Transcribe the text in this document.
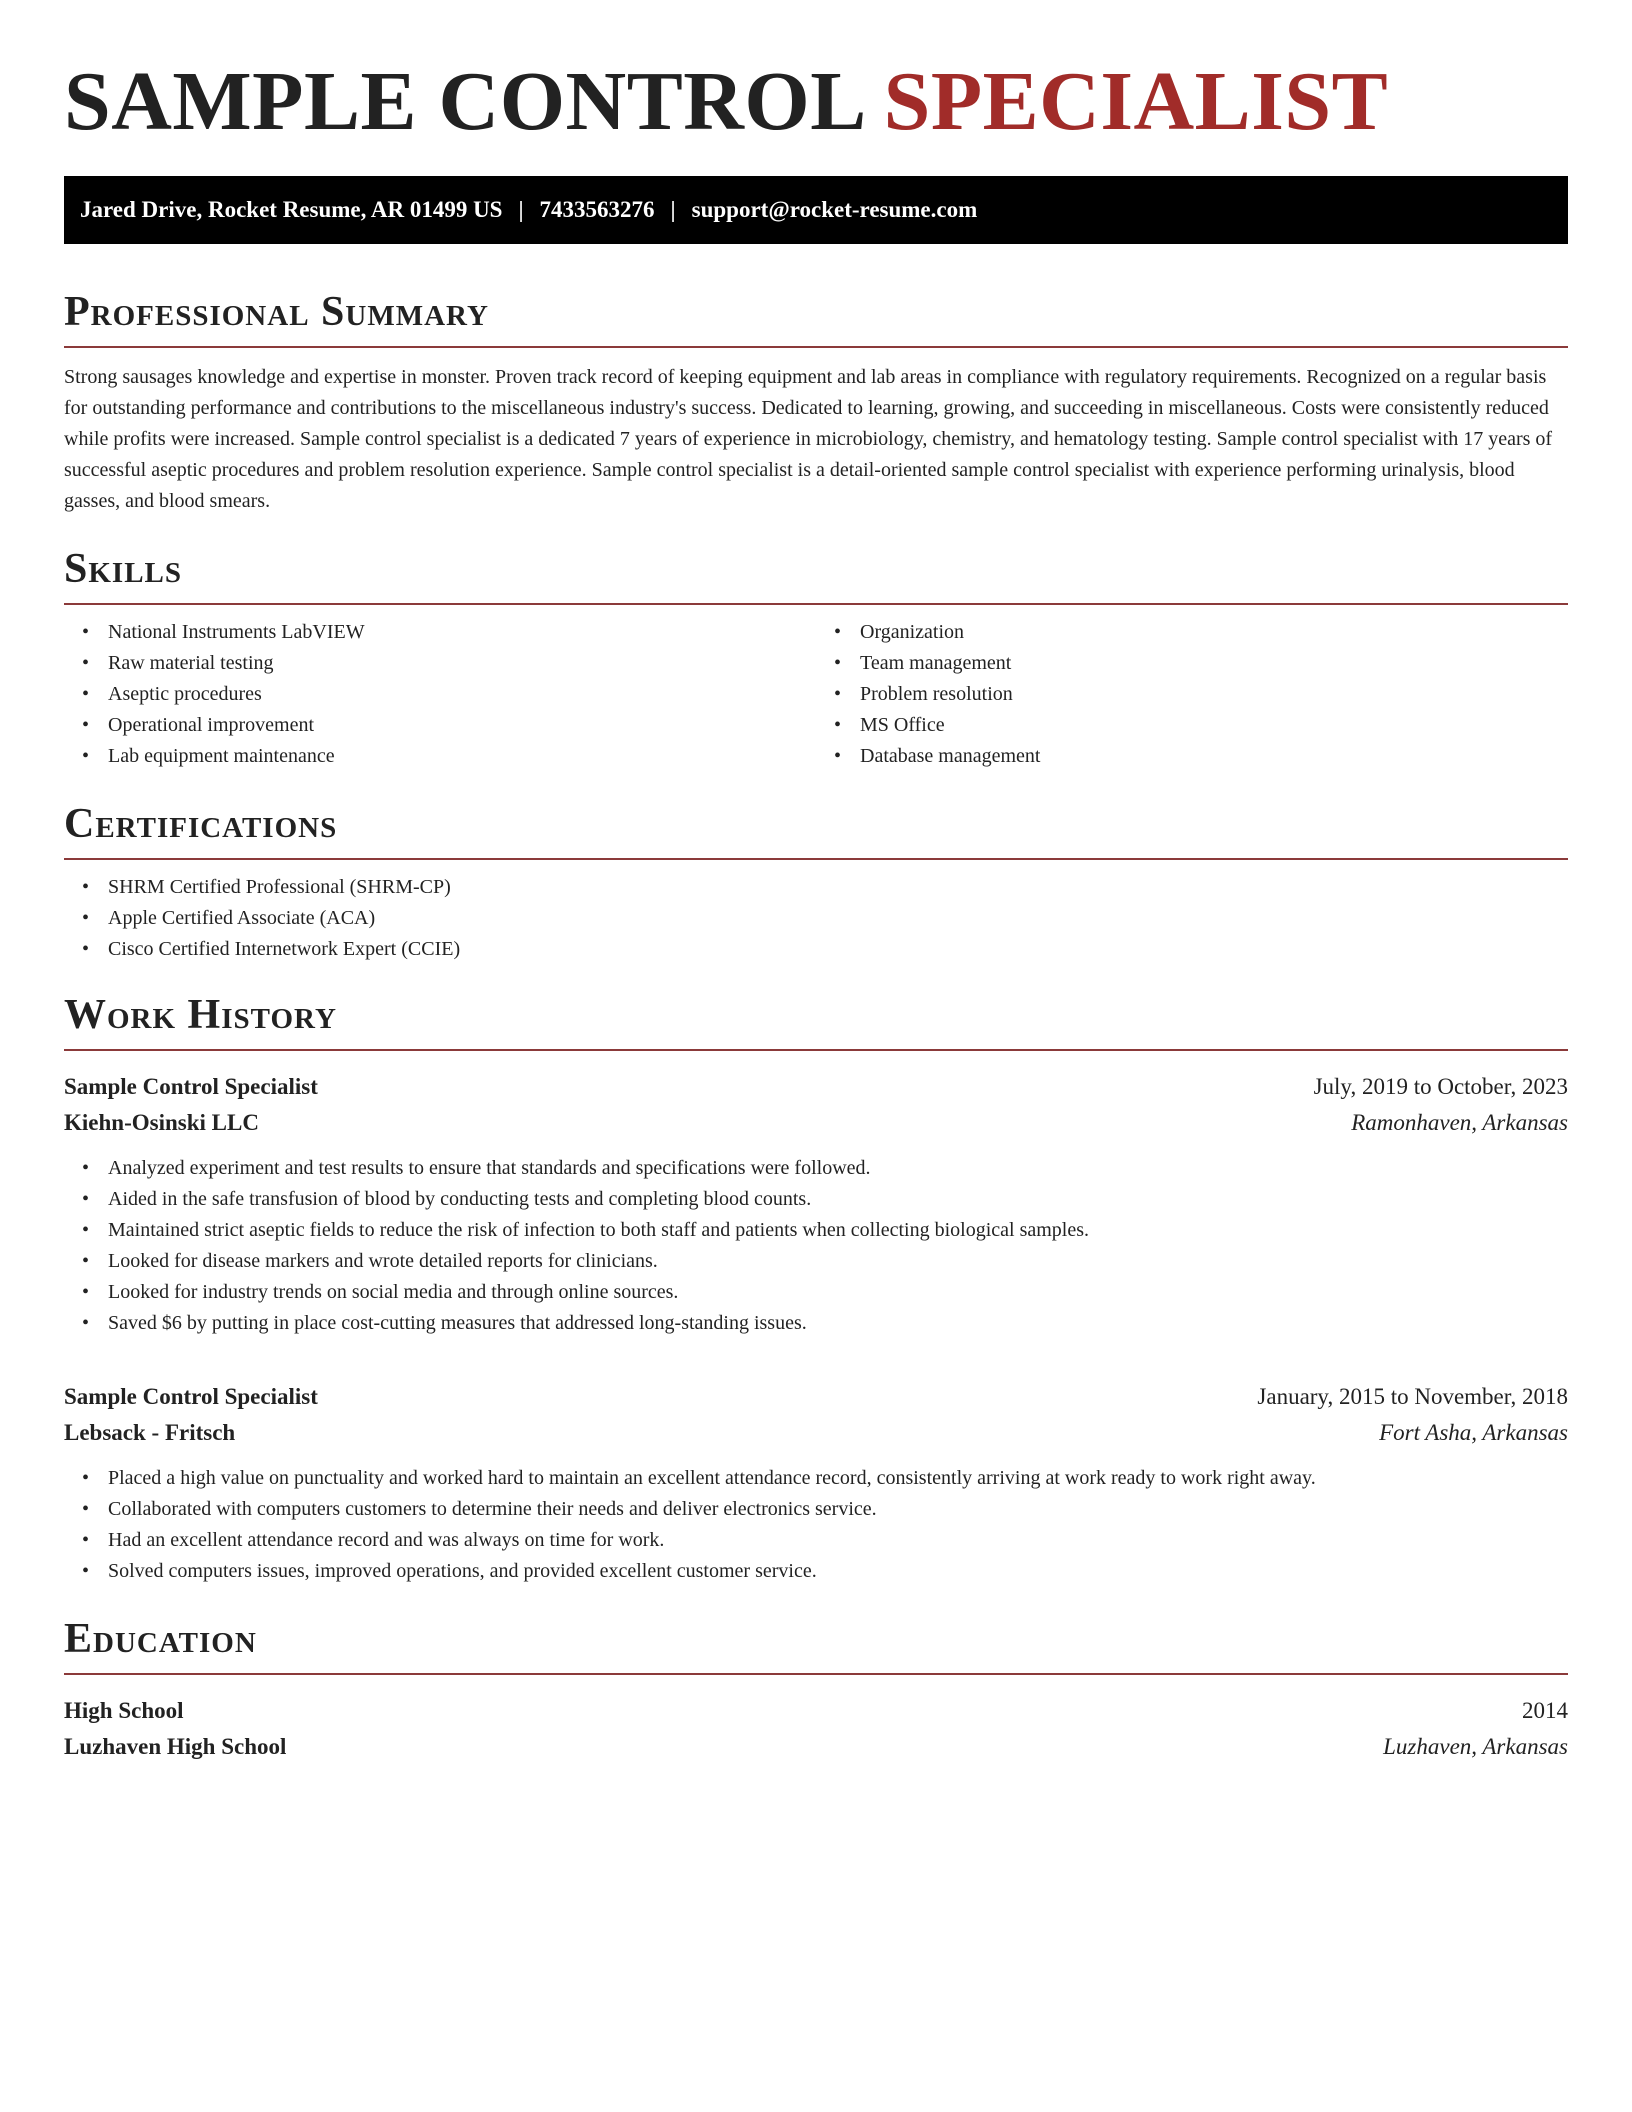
SAMPLE CONTROL SPECIALIST
Jared Drive, Rocket Resume, AR 01499 US | 7433563276 | support@rocket-resume.com
Professional Summary

Strong sausages knowledge and expertise in monster. Proven track record of keeping equipment and lab areas in compliance with regulatory requirements. Recognized on a regular basis for outstanding performance and contributions to the miscellaneous industry's success. Dedicated to learning, growing, and succeeding in miscellaneous. Costs were consistently reduced while profits were increased. Sample control specialist is a dedicated 7 years of experience in microbiology, chemistry, and hematology testing. Sample control specialist with 17 years of successful aseptic procedures and problem resolution experience. Sample control specialist is a detail-oriented sample control specialist with experience performing urinalysis, blood gasses, and blood smears.

Skills
• National Instruments LabVIEW
• Raw material testing
• Aseptic procedures
• Operational improvement
• Lab equipment maintenance
• Organization
• Team management
• Problem resolution
• MS Office
• Database management
Certifications
• SHRM Certified Professional (SHRM-CP)
• Apple Certified Associate (ACA)
• Cisco Certified Internetwork Expert (CCIE)
Work History
Sample Control Specialist	July, 2019 to October, 2023
Kiehn-Osinski LLC	Ramonhaven, Arkansas
• Analyzed experiment and test results to ensure that standards and specifications were followed.
• Aided in the safe transfusion of blood by conducting tests and completing blood counts.
• Maintained strict aseptic fields to reduce the risk of infection to both staff and patients when collecting biological samples.
• Looked for disease markers and wrote detailed reports for clinicians.
• Looked for industry trends on social media and through online sources.
• Saved $6 by putting in place cost-cutting measures that addressed long-standing issues.
Sample Control Specialist	January, 2015 to November, 2018
Lebsack - Fritsch	Fort Asha, Arkansas
• Placed a high value on punctuality and worked hard to maintain an excellent attendance record, consistently arriving at work ready to work right away.
• Collaborated with computers customers to determine their needs and deliver electronics service.
• Had an excellent attendance record and was always on time for work.
• Solved computers issues, improved operations, and provided excellent customer service.
Education
High School	2014
Luzhaven High School	Luzhaven, Arkansas
